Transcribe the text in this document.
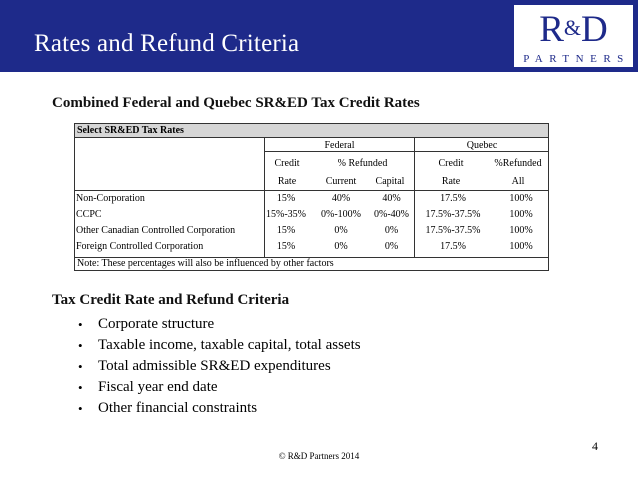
Rates and Refund Criteria	R&D
PARTNERS
Combined Federal and Quebec SR&ED Tax Credit Rates
Select SR&ED Tax Rates
Federal	Quebec
Credit	% Refunded	Credit	%Refunded
Rate	Current	Capital	Rate	All
Non-Corporation	15%	40%	40%	17.5%	100%
CCPC	15%-35%	0%-100%	0%-40%	17.5%-37.5%	100%
Other Canadian Controlled Corporation	15%	0%	0%	17.5%-37.5%	100%
Foreign Controlled Corporation	15%	0%	0%	17.5%	100%
Note: These percentages will also be influenced by other factors
Tax Credit Rate and Refund Criteria
• Corporate structure
• Taxable income, taxable capital, total assets
• Total admissible SR&ED expenditures
• Fiscal year end date
• Other financial constraints
4
© R&D Partners 2014
